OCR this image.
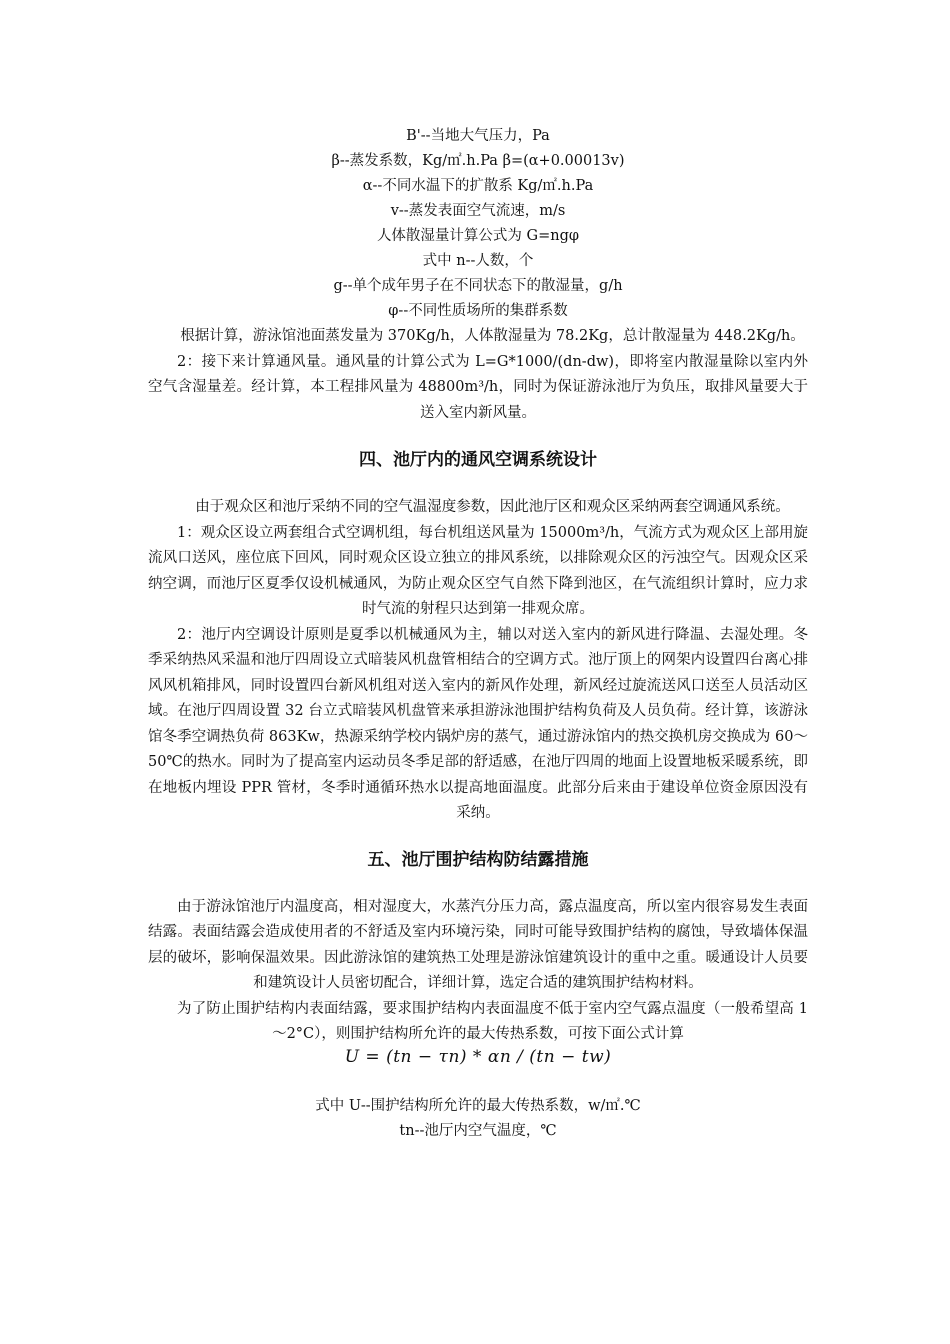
B'--当地大气压力，Pa

β--蒸发系数，Kg/㎡.h.Pa β=(α+0.00013v)

α--不同水温下的扩散系 Kg/㎡.h.Pa

v--蒸发表面空气流速，m/s

人体散湿量计算公式为 G=ngφ

式中 n--人数，个

g--单个成年男子在不同状态下的散湿量，g/h

φ--不同性质场所的集群系数

根据计算，游泳馆池面蒸发量为 370Kg/h，人体散湿量为 78.2Kg，总计散湿量为 448.2Kg/h。

2：接下来计算通风量。通风量的计算公式为 L=G*1000/(dn-dw)，即将室内散湿量除以室内外空气含湿量差。经计算，本工程排风量为 48800m³/h，同时为保证游泳池厅为负压，取排风量要大于送入室内新风量。

四、池厅内的通风空调系统设计

由于观众区和池厅采纳不同的空气温湿度参数，因此池厅区和观众区采纳两套空调通风系统。

1：观众区设立两套组合式空调机组，每台机组送风量为 15000m³/h，气流方式为观众区上部用旋流风口送风，座位底下回风，同时观众区设立独立的排风系统，以排除观众区的污浊空气。因观众区采纳空调，而池厅区夏季仅设机械通风，为防止观众区空气自然下降到池区，在气流组织计算时，应力求时气流的射程只达到第一排观众席。

2：池厅内空调设计原则是夏季以机械通风为主，辅以对送入室内的新风进行降温、去湿处理。冬季采纳热风采温和池厅四周设立式暗装风机盘管相结合的空调方式。池厅顶上的网架内设置四台离心排风风机箱排风，同时设置四台新风机组对送入室内的新风作处理，新风经过旋流送风口送至人员活动区域。在池厅四周设置 32 台立式暗装风机盘管来承担游泳池围护结构负荷及人员负荷。经计算，该游泳馆冬季空调热负荷 863Kw，热源采纳学校内锅炉房的蒸气，通过游泳馆内的热交换机房交换成为 60～50℃的热水。同时为了提高室内运动员冬季足部的舒适感，在池厅四周的地面上设置地板采暖系统，即在地板内埋设 PPR 管材，冬季时通循环热水以提高地面温度。此部分后来由于建设单位资金原因没有采纳。

五、池厅围护结构防结露措施

由于游泳馆池厅内温度高，相对湿度大，水蒸汽分压力高，露点温度高，所以室内很容易发生表面结露。表面结露会造成使用者的不舒适及室内环境污染，同时可能导致围护结构的腐蚀，导致墙体保温层的破坏，影响保温效果。因此游泳馆的建筑热工处理是游泳馆建筑设计的重中之重。暖通设计人员要和建筑设计人员密切配合，详细计算，选定合适的建筑围护结构材料。

为了防止围护结构内表面结露，要求围护结构内表面温度不低于室内空气露点温度（一般希望高 1～2°C），则围护结构所允许的最大传热系数，可按下面公式计算

U = (tn − τn) * αn / (tn − tw)

式中 U--围护结构所允许的最大传热系数，w/㎡.℃

tn--池厅内空气温度，℃
